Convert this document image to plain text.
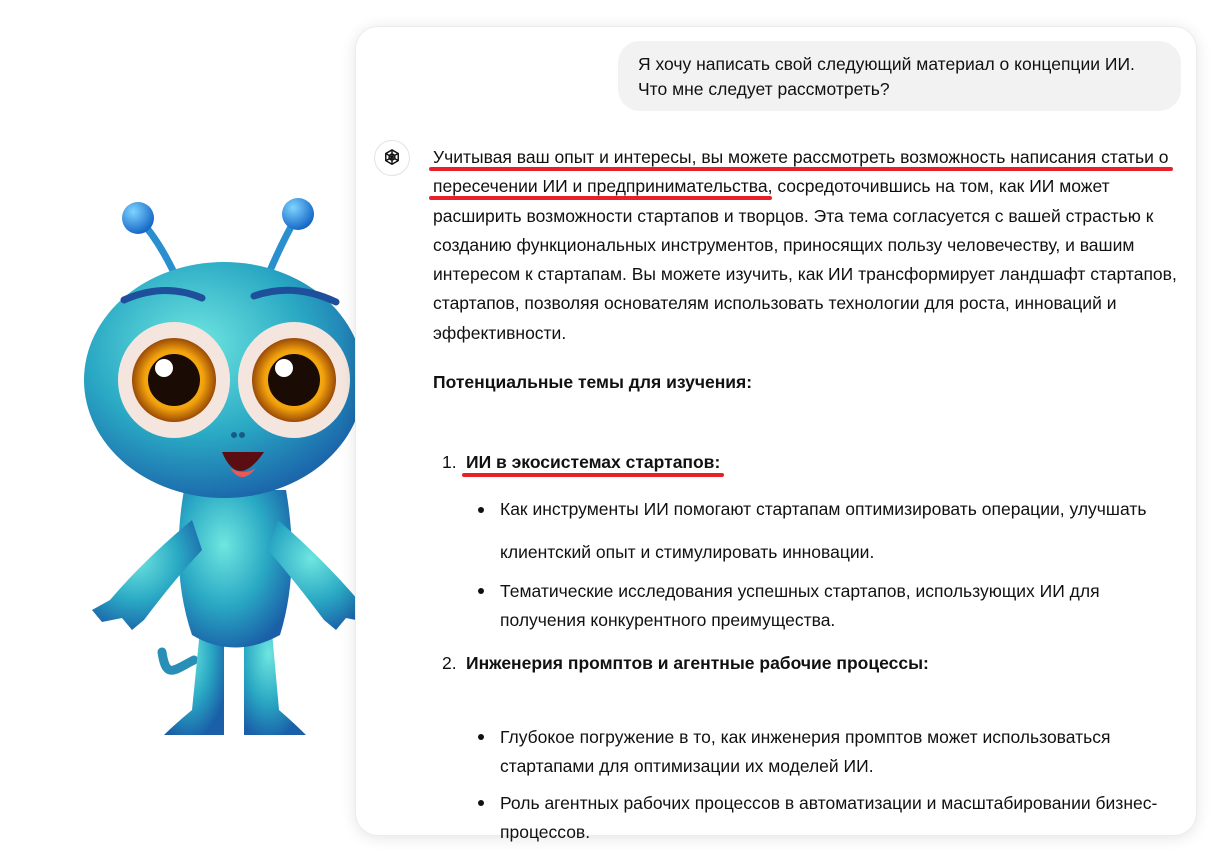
Я хочу написать свой следующий материал о концепции ИИ.
Что мне следует рассмотреть?

Учитывая ваш опыт и интересы, вы можете рассмотреть возможность написания статьи о пересечении ИИ и предпринимательства, сосредоточившись на том, как ИИ может расширить возможности стартапов и творцов. Эта тема согласуется с вашей страстью к созданию функциональных инструментов, приносящих пользу человечеству, и вашим интересом к стартапам. Вы можете изучить, как ИИ трансформирует ландшафт стартапов, стартапов, позволяя основателям использовать технологии для роста, инноваций и эффективности.

Потенциальные темы для изучения:

1. ИИ в экосистемах стартапов:
Как инструменты ИИ помогают стартапам оптимизировать операции, улучшать
клиентский опыт и стимулировать инновации.
Тематические исследования успешных стартапов, использующих ИИ для
получения конкурентного преимущества.
2. Инженерия промптов и агентные рабочие процессы:
Глубокое погружение в то, как инженерия промптов может использоваться
стартапами для оптимизации их моделей ИИ.
Роль агентных рабочих процессов в автоматизации и масштабировании бизнес-
процессов.
